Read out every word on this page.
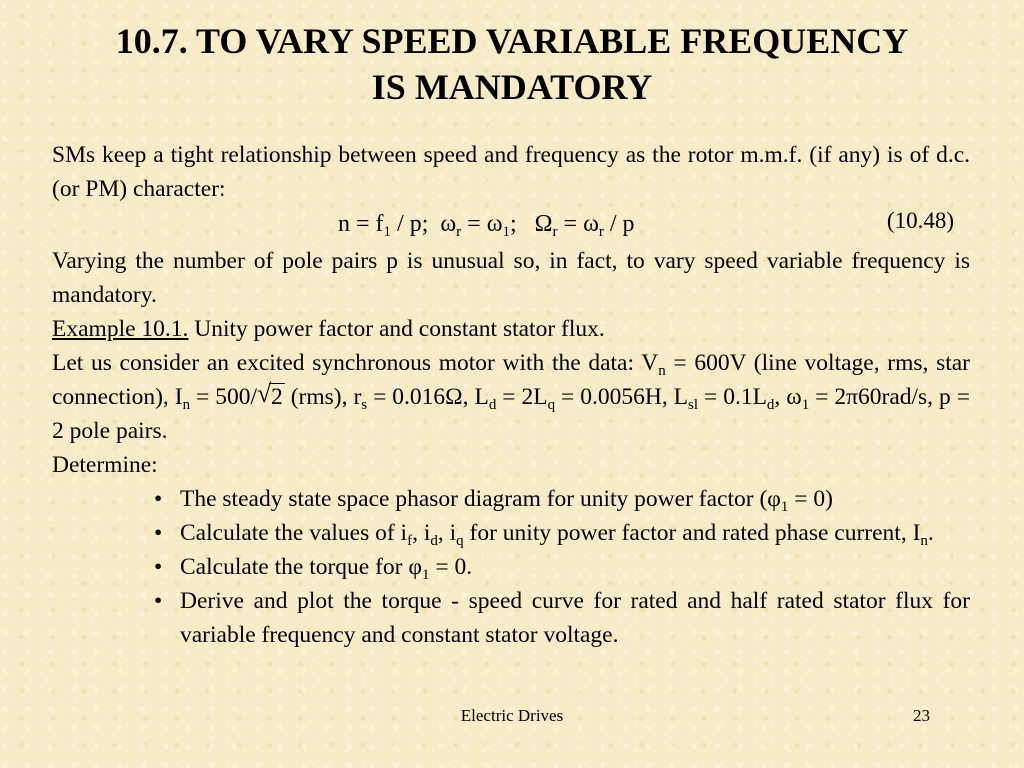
10.7. TO VARY SPEED VARIABLE FREQUENCY
IS MANDATORY

SMs keep a tight relationship between speed and frequency as the rotor m.m.f. (if any) is of d.c. (or PM) character:

$n = f_1 / p$;  $\omega_r = \omega_1$;   $\Omega_r = \omega_r / p$	(10.48)

Varying the number of pole pairs p is unusual so, in fact, to vary speed variable frequency is mandatory.

Example 10.1. Unity power factor and constant stator flux.

Let us consider an excited synchronous motor with the data: $V_n = 600V$ (line voltage, rms, star connection), $I_n = 500/$ √ 2 (rms), $r_s = 0.016\Omega$, $L_d = 2L_q = 0.0056H$, $L_{sl} = 0.1L_d$, $\omega_1 = 2\pi 60rad/s$, p = 2 pole pairs.

Determine:

• The steady state space phasor diagram for unity power factor $(\varphi_1 = 0)$
• Calculate the values of $i_f$, $i_d$, $i_q$ for unity power factor and rated phase current, $I_n$.
• Calculate the torque for $\varphi_1 = 0$.
• Derive and plot the torque - speed curve for rated and half rated stator flux for variable frequency and constant stator voltage.
Electric Drives	23
